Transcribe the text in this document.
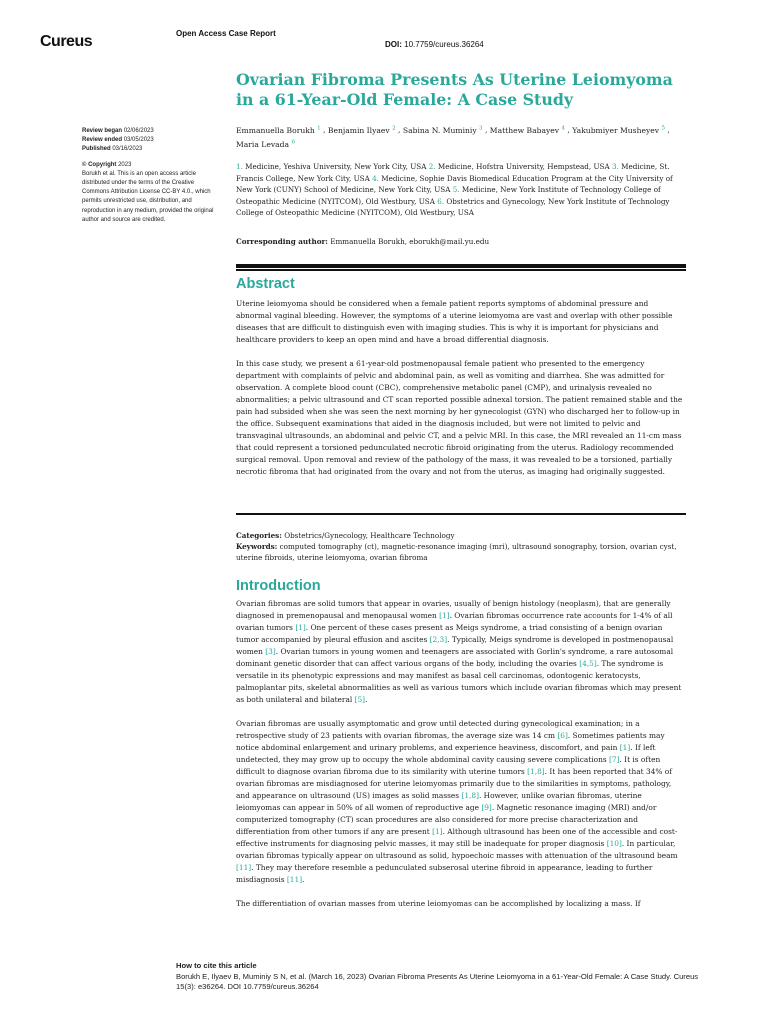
Cureus	Open Access Case Report
DOI: 10.7759/cureus.36264
Review began 02/06/2023
Review ended 03/05/2023
Published 03/16/2023
© Copyright 2023
Borukh et al. This is an open access article distributed under the terms of the Creative Commons Attribution License CC-BY 4.0., which permits unrestricted use, distribution, and reproduction in any medium, provided the original author and source are credited.
Ovarian Fibroma Presents As Uterine Leiomyoma in a 61-Year-Old Female: A Case Study
Emmanuella Borukh $^1$ , Benjamin Ilyaev $^2$ , Sabina N. Muminiy $^3$ , Matthew Babayev $^4$ , Yakubmiyer Musheyev $^5$ , Maria Levada $^6$
1. Medicine, Yeshiva University, New York City, USA 2. Medicine, Hofstra University, Hempstead, USA 3. Medicine, St. Francis College, New York City, USA 4. Medicine, Sophie Davis Biomedical Education Program at the City University of New York (CUNY) School of Medicine, New York City, USA 5. Medicine, New York Institute of Technology College of Osteopathic Medicine (NYITCOM), Old Westbury, USA 6. Obstetrics and Gynecology, New York Institute of Technology College of Osteopathic Medicine (NYITCOM), Old Westbury, USA
Corresponding author: Emmanuella Borukh, eborukh@mail.yu.edu
Abstract

Uterine leiomyoma should be considered when a female patient reports symptoms of abdominal pressure and abnormal vaginal bleeding. However, the symptoms of a uterine leiomyoma are vast and overlap with other possible diseases that are difficult to distinguish even with imaging studies. This is why it is important for physicians and healthcare providers to keep an open mind and have a broad differential diagnosis.

In this case study, we present a 61-year-old postmenopausal female patient who presented to the emergency department with complaints of pelvic and abdominal pain, as well as vomiting and diarrhea. She was admitted for observation. A complete blood count (CBC), comprehensive metabolic panel (CMP), and urinalysis revealed no abnormalities; a pelvic ultrasound and CT scan reported possible adnexal torsion. The patient remained stable and the pain had subsided when she was seen the next morning by her gynecologist (GYN) who discharged her to follow-up in the office. Subsequent examinations that aided in the diagnosis included, but were not limited to pelvic and transvaginal ultrasounds, an abdominal and pelvic CT, and a pelvic MRI. In this case, the MRI revealed an 11-cm mass that could represent a torsioned pedunculated necrotic fibroid originating from the uterus. Radiology recommended surgical removal. Upon removal and review of the pathology of the mass, it was revealed to be a torsioned, partially necrotic fibroma that had originated from the ovary and not from the uterus, as imaging had originally suggested.

Categories: Obstetrics/Gynecology, Healthcare Technology
Keywords: computed tomography (ct), magnetic-resonance imaging (mri), ultrasound sonography, torsion, ovarian cyst, uterine fibroids, uterine leiomyoma, ovarian fibroma
Introduction

Ovarian fibromas are solid tumors that appear in ovaries, usually of benign histology (neoplasm), that are generally diagnosed in premenopausal and menopausal women [1]. Ovarian fibromas occurrence rate accounts for 1-4% of all ovarian tumors [1]. One percent of these cases present as Meigs syndrome, a triad consisting of a benign ovarian tumor accompanied by pleural effusion and ascites [2,3]. Typically, Meigs syndrome is developed in postmenopausal women [3]. Ovarian tumors in young women and teenagers are associated with Gorlin's syndrome, a rare autosomal dominant genetic disorder that can affect various organs of the body, including the ovaries [4,5]. The syndrome is versatile in its phenotypic expressions and may manifest as basal cell carcinomas, odontogenic keratocysts, palmoplantar pits, skeletal abnormalities as well as various tumors which include ovarian fibromas which may present as both unilateral and bilateral [5].

Ovarian fibromas are usually asymptomatic and grow until detected during gynecological examination; in a retrospective study of 23 patients with ovarian fibromas, the average size was 14 cm [6]. Sometimes patients may notice abdominal enlargement and urinary problems, and experience heaviness, discomfort, and pain [1]. If left undetected, they may grow up to occupy the whole abdominal cavity causing severe complications [7]. It is often difficult to diagnose ovarian fibroma due to its similarity with uterine tumors [1,8]. It has been reported that 34% of ovarian fibromas are misdiagnosed for uterine leiomyomas primarily due to the similarities in symptoms, pathology, and appearance on ultrasound (US) images as solid masses [1,8]. However, unlike ovarian fibromas, uterine leiomyomas can appear in 50% of all women of reproductive age [9]. Magnetic resonance imaging (MRI) and/or computerized tomography (CT) scan procedures are also considered for more precise characterization and differentiation from other tumors if any are present [1]. Although ultrasound has been one of the accessible and cost-effective instruments for diagnosing pelvic masses, it may still be inadequate for proper diagnosis [10]. In particular, ovarian fibromas typically appear on ultrasound as solid, hypoechoic masses with attenuation of the ultrasound beam [11]. They may therefore resemble a pedunculated subserosal uterine fibroid in appearance, leading to further misdiagnosis [11].

The differentiation of ovarian masses from uterine leiomyomas can be accomplished by localizing a mass. If

How to cite this article
Borukh E, Ilyaev B, Muminiy S N, et al. (March 16, 2023) Ovarian Fibroma Presents As Uterine Leiomyoma in a 61-Year-Old Female: A Case Study. Cureus 15(3): e36264. DOI 10.7759/cureus.36264
